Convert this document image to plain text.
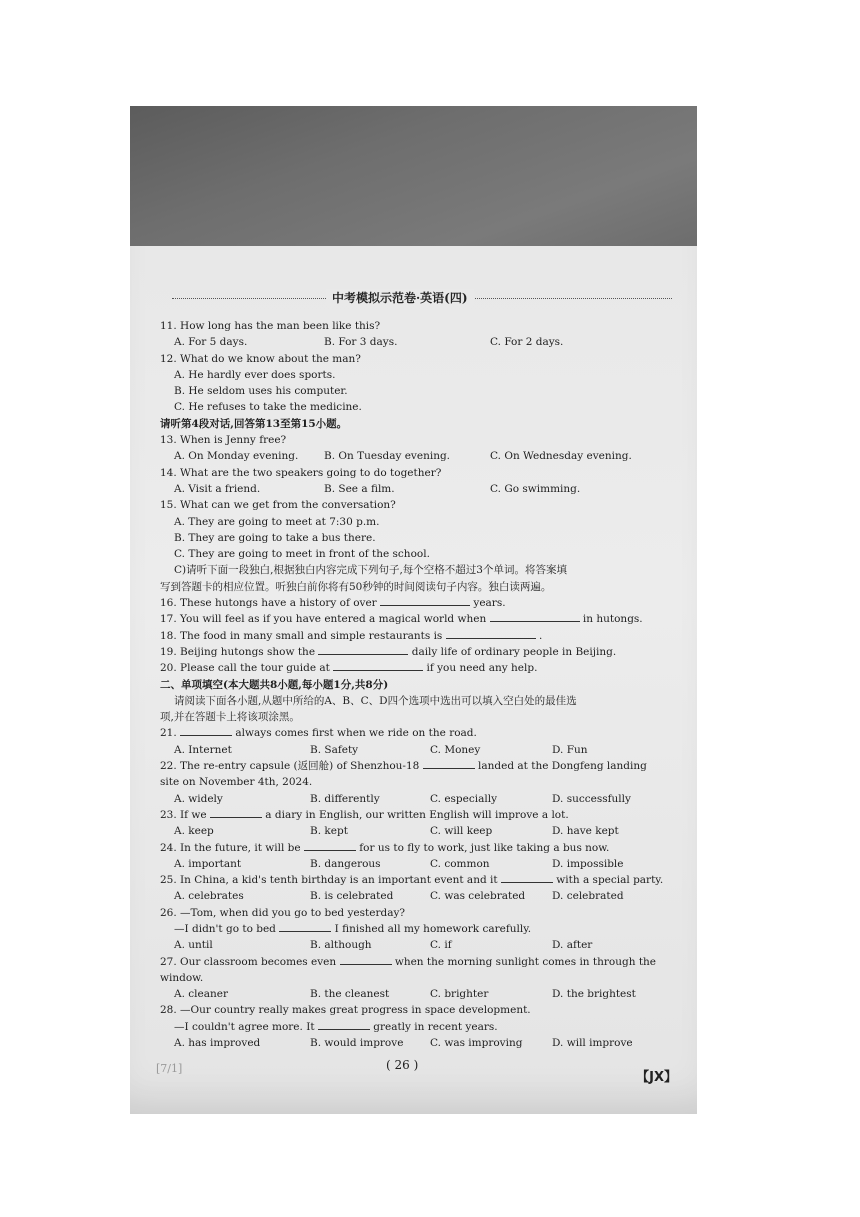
中考模拟示范卷·英语(四)
11. How long has the man been like this?
A. For 5 days.	B. For 3 days.	C. For 2 days.
12. What do we know about the man?
A. He hardly ever does sports.
B. He seldom uses his computer.
C. He refuses to take the medicine.
请听第4段对话,回答第13至第15小题。
13. When is Jenny free?
A. On Monday evening. B. On Tuesday evening.	C. On Wednesday evening.
14. What are the two speakers going to do together?
A. Visit a friend.	B. See a film.	C. Go swimming.
15. What can we get from the conversation?
A. They are going to meet at 7:30 p.m.
B. They are going to take a bus there.
C. They are going to meet in front of the school.
C)请听下面一段独白,根据独白内容完成下列句子,每个空格不超过3个单词。将答案填
写到答题卡的相应位置。听独白前你将有50秒钟的时间阅读句子内容。独白读两遍。
16. These hutongs have a history of over	years.
17. You will feel as if you have entered a magical world when	in hutongs.
18. The food in many small and simple restaurants is	.
19. Beijing hutongs show the	daily life of ordinary people in Beijing.
20. Please call the tour guide at	if you need any help.
二、单项填空(本大题共8小题,每小题1分,共8分)
请阅读下面各小题,从题中所给的A、B、C、D四个选项中选出可以填入空白处的最佳选
项,并在答题卡上将该项涂黑。
21.	always comes first when we ride on the road.
A. Internet	B. Safety	C. Money	D. Fun
22. The re-entry capsule (返回舱) of Shenzhou-18	landed at the Dongfeng landing
site on November 4th, 2024.
A. widely	B. differently	C. especially	D. successfully
23. If we	a diary in English, our written English will improve a lot.
A. keep	B. kept	C. will keep	D. have kept
24. In the future, it will be	for us to fly to work, just like taking a bus now.
A. important	B. dangerous	C. common	D. impossible
25. In China, a kid's tenth birthday is an important event and it	with a special party.
A. celebrates	B. is celebrated	C. was celebrated	D. celebrated
26. —Tom, when did you go to bed yesterday?
—I didn't go to bed	I finished all my homework carefully.
A. until	B. although	C. if	D. after
27. Our classroom becomes even	when the morning sunlight comes in through the
window.
A. cleaner	B. the cleanest	C. brighter	D. the brightest
28. —Our country really makes great progress in space development.
—I couldn't agree more. It	greatly in recent years.
A. has improved	B. would improve	C. was improving	D. will improve
[7/1]	( 26 )
【JX】
